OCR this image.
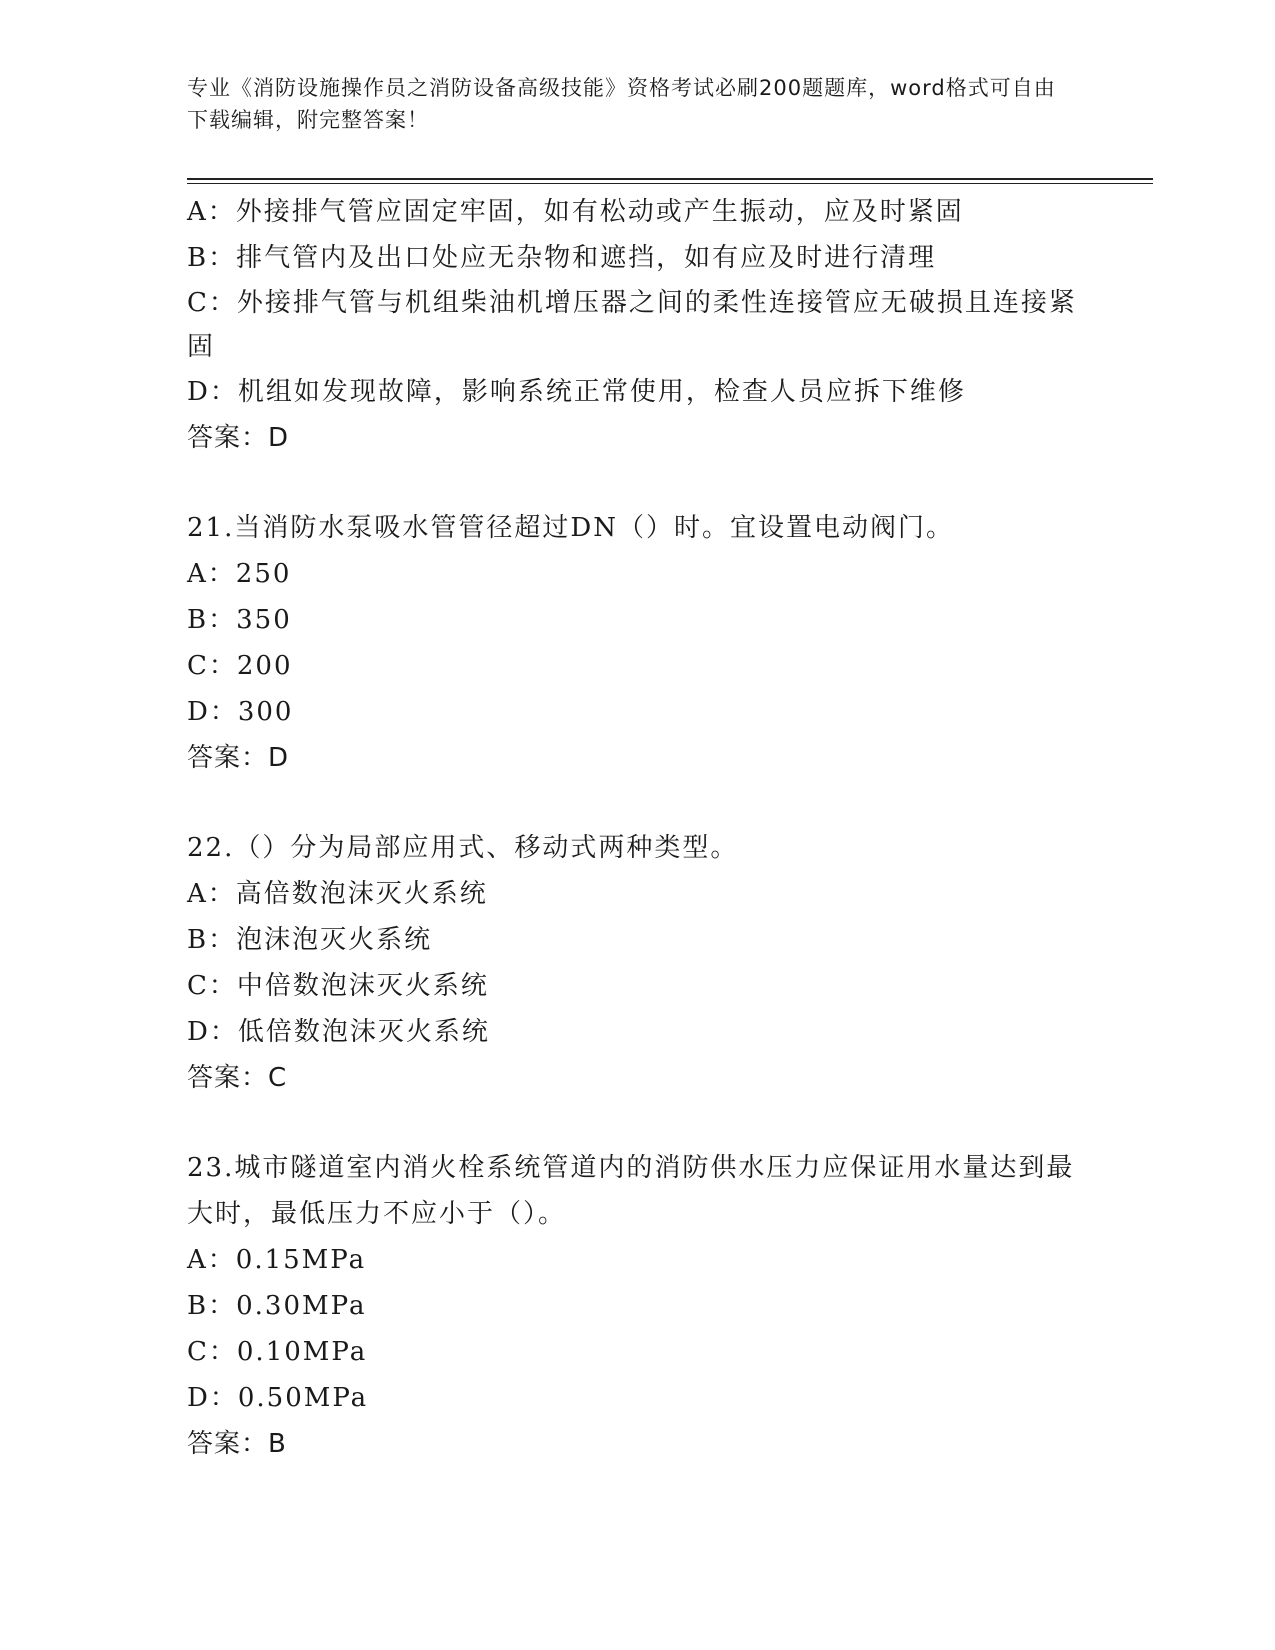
专业《消防设施操作员之消防设备高级技能》资格考试必刷200题题库，word格式可自由下载编辑，附完整答案！
A：外接排气管应固定牢固，如有松动或产生振动，应及时紧固
B：排气管内及出口处应无杂物和遮挡，如有应及时进行清理
C：外接排气管与机组柴油机增压器之间的柔性连接管应无破损且连接紧固
D：机组如发现故障，影响系统正常使用，检查人员应拆下维修
答案：D
21.当消防水泵吸水管管径超过DN（）时。宜设置电动阀门。
A：250
B：350
C：200
D：300
答案：D
22.（）分为局部应用式、移动式两种类型。
A：高倍数泡沫灭火系统
B：泡沫泡灭火系统
C：中倍数泡沫灭火系统
D：低倍数泡沫灭火系统
答案：C
23.城市隧道室内消火栓系统管道内的消防供水压力应保证用水量达到最大时，最低压力不应小于（）。
A：0.15MPa
B：0.30MPa
C：0.10MPa
D：0.50MPa
答案：B
